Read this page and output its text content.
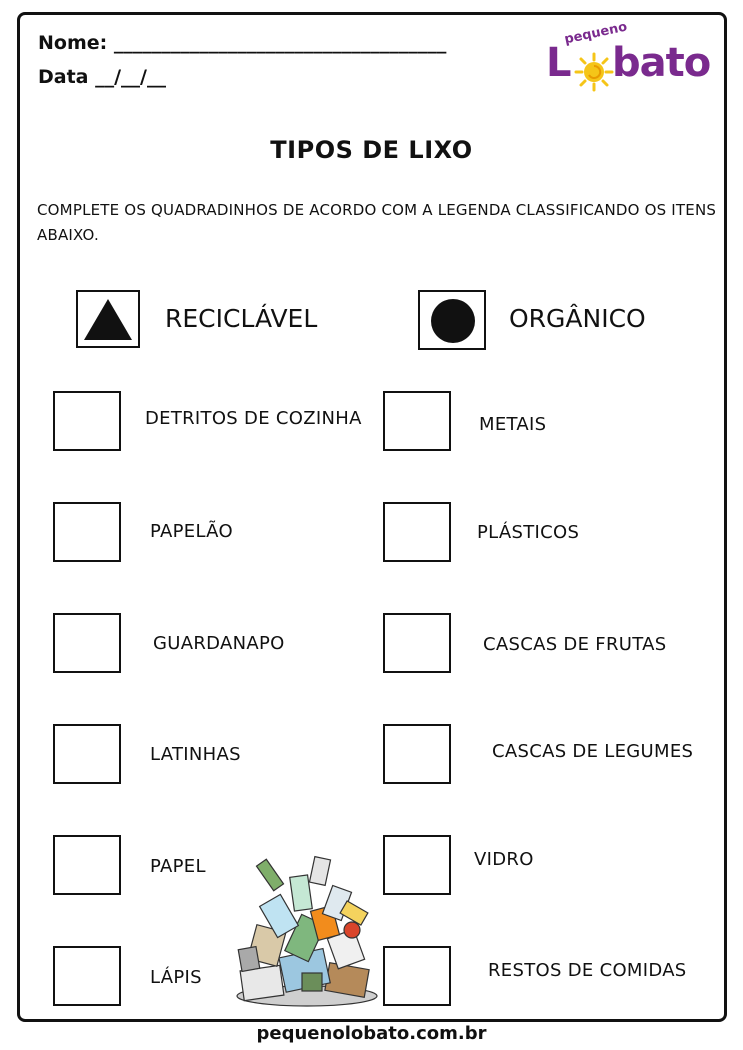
Nome: ___________________________________
Data __/__/__
pequeno
L bato
TIPOS DE LIXO
COMPLETE OS QUADRADINHOS DE ACORDO COM A LEGENDA CLASSIFICANDO OS ITENS ABAIXO.
RECICLÁVEL	ORGÂNICO
DETRITOS DE COZINHA
PAPELÃO
GUARDANAPO
LATINHAS
PAPEL
LÁPIS
METAIS
PLÁSTICOS
CASCAS DE FRUTAS
CASCAS DE LEGUMES
VIDRO
RESTOS DE COMIDAS
pequenolobato.com.br
